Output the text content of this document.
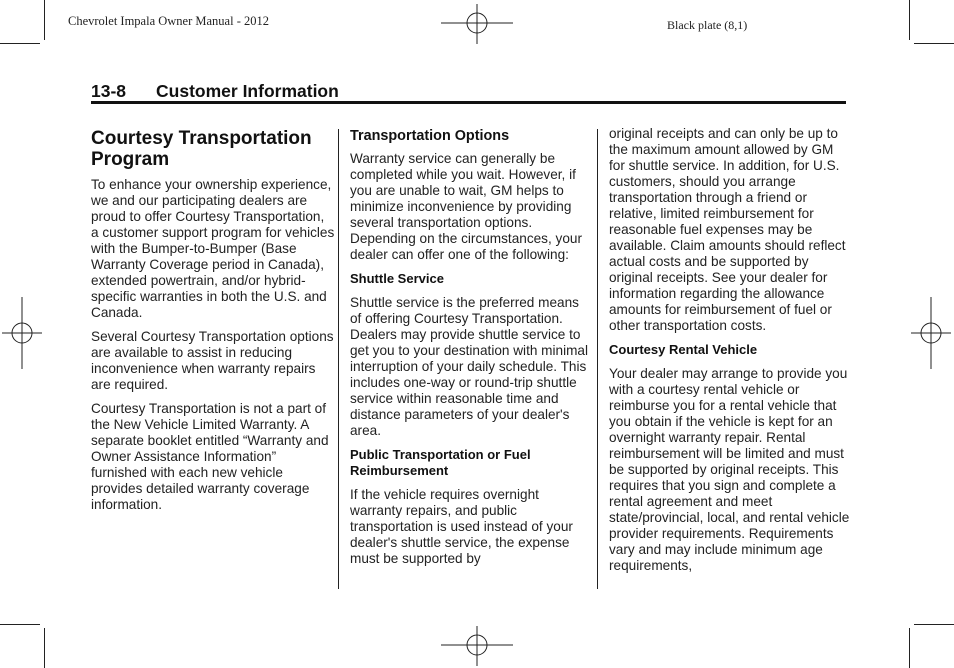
Chevrolet Impala Owner Manual - 2012	Black plate (8,1)
13-8 Customer Information
Courtesy Transportation Program

To enhance your ownership experience, we and our participating dealers are proud to offer Courtesy Transportation, a customer support program for vehicles with the Bumper-to-Bumper (Base Warranty Coverage period in Canada), extended powertrain, and/or hybrid-specific warranties in both the U.S. and Canada.

Several Courtesy Transportation options are available to assist in reducing inconvenience when warranty repairs are required.

Courtesy Transportation is not a part of the New Vehicle Limited Warranty. A separate booklet entitled “Warranty and Owner Assistance Information” furnished with each new vehicle provides detailed warranty coverage information.

Transportation Options

Warranty service can generally be completed while you wait. However, if you are unable to wait, GM helps to minimize inconvenience by providing several transportation options. Depending on the circumstances, your dealer can offer one of the following:

Shuttle Service

Shuttle service is the preferred means of offering Courtesy Transportation. Dealers may provide shuttle service to get you to your destination with minimal interruption of your daily schedule. This includes one-way or round-trip shuttle service within reasonable time and distance parameters of your dealer's area.

Public Transportation or Fuel Reimbursement

If the vehicle requires overnight warranty repairs, and public transportation is used instead of your dealer's shuttle service, the expense must be supported by

original receipts and can only be up to the maximum amount allowed by GM for shuttle service. In addition, for U.S. customers, should you arrange transportation through a friend or relative, limited reimbursement for reasonable fuel expenses may be available. Claim amounts should reflect actual costs and be supported by original receipts. See your dealer for information regarding the allowance amounts for reimbursement of fuel or other transportation costs.

Courtesy Rental Vehicle

Your dealer may arrange to provide you with a courtesy rental vehicle or reimburse you for a rental vehicle that you obtain if the vehicle is kept for an overnight warranty repair. Rental reimbursement will be limited and must be supported by original receipts. This requires that you sign and complete a rental agreement and meet state/provincial, local, and rental vehicle provider requirements. Requirements vary and may include minimum age requirements,
